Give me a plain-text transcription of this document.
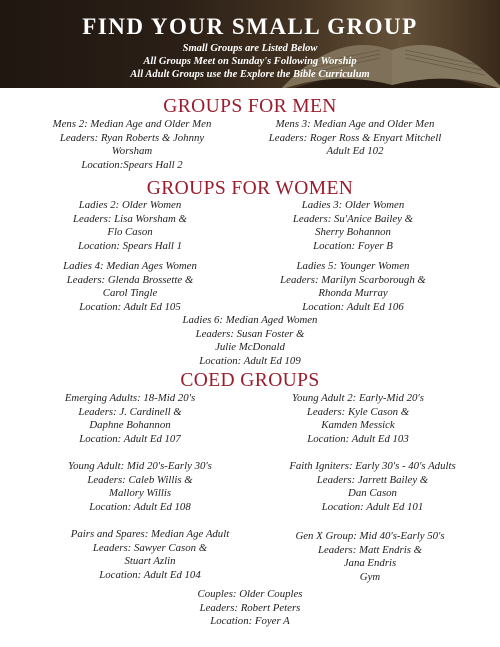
FIND YOUR SMALL GROUP
Small Groups are Listed Below
All Groups Meet on Sunday's Following Worship
All Adult Groups use the Explore the Bible Curriculum
GROUPS FOR MEN
Mens 2: Median Age and Older Men
Leaders: Ryan Roberts & Johnny
Worsham
Location:Spears Hall 2
Mens 3: Median Age and Older Men
Leaders: Roger Ross & Enyart Mitchell
Adult Ed 102
GROUPS FOR WOMEN
Ladies 2: Older Women
Leaders: Lisa Worsham &
Flo Cason
Location: Spears Hall 1
Ladies 3: Older Women
Leaders: Su'Anice Bailey &
Sherry Bohannon
Location: Foyer B
Ladies 4: Median Ages Women
Leaders: Glenda Brossette &
Carol Tingle
Location: Adult Ed 105
Ladies 5: Younger Women
Leaders: Marilyn Scarborough &
Rhonda Murray
Location: Adult Ed 106
Ladies 6: Median Aged Women
Leaders: Susan Foster &
Julie McDonald
Location: Adult Ed 109
COED GROUPS
Emerging Adults: 18-Mid 20's
Leaders: J. Cardinell &
Daphne Bohannon
Location: Adult Ed 107
Young Adult 2: Early-Mid 20's
Leaders: Kyle Cason &
Kamden Messick
Location: Adult Ed 103
Young Adult: Mid 20's-Early 30's
Leaders: Caleb Willis &
Mallory Willis
Location: Adult Ed 108
Faith Igniters: Early 30's - 40's Adults
Leaders: Jarrett Bailey &
Dan Cason
Location: Adult Ed 101
Pairs and Spares: Median Age Adult
Leaders: Sawyer Cason &
Stuart Azlin
Location: Adult Ed 104
Gen X Group: Mid 40's-Early 50's
Leaders: Matt Endris &
Jana Endris
Gym
Couples: Older Couples
Leaders: Robert Peters
Location: Foyer A
